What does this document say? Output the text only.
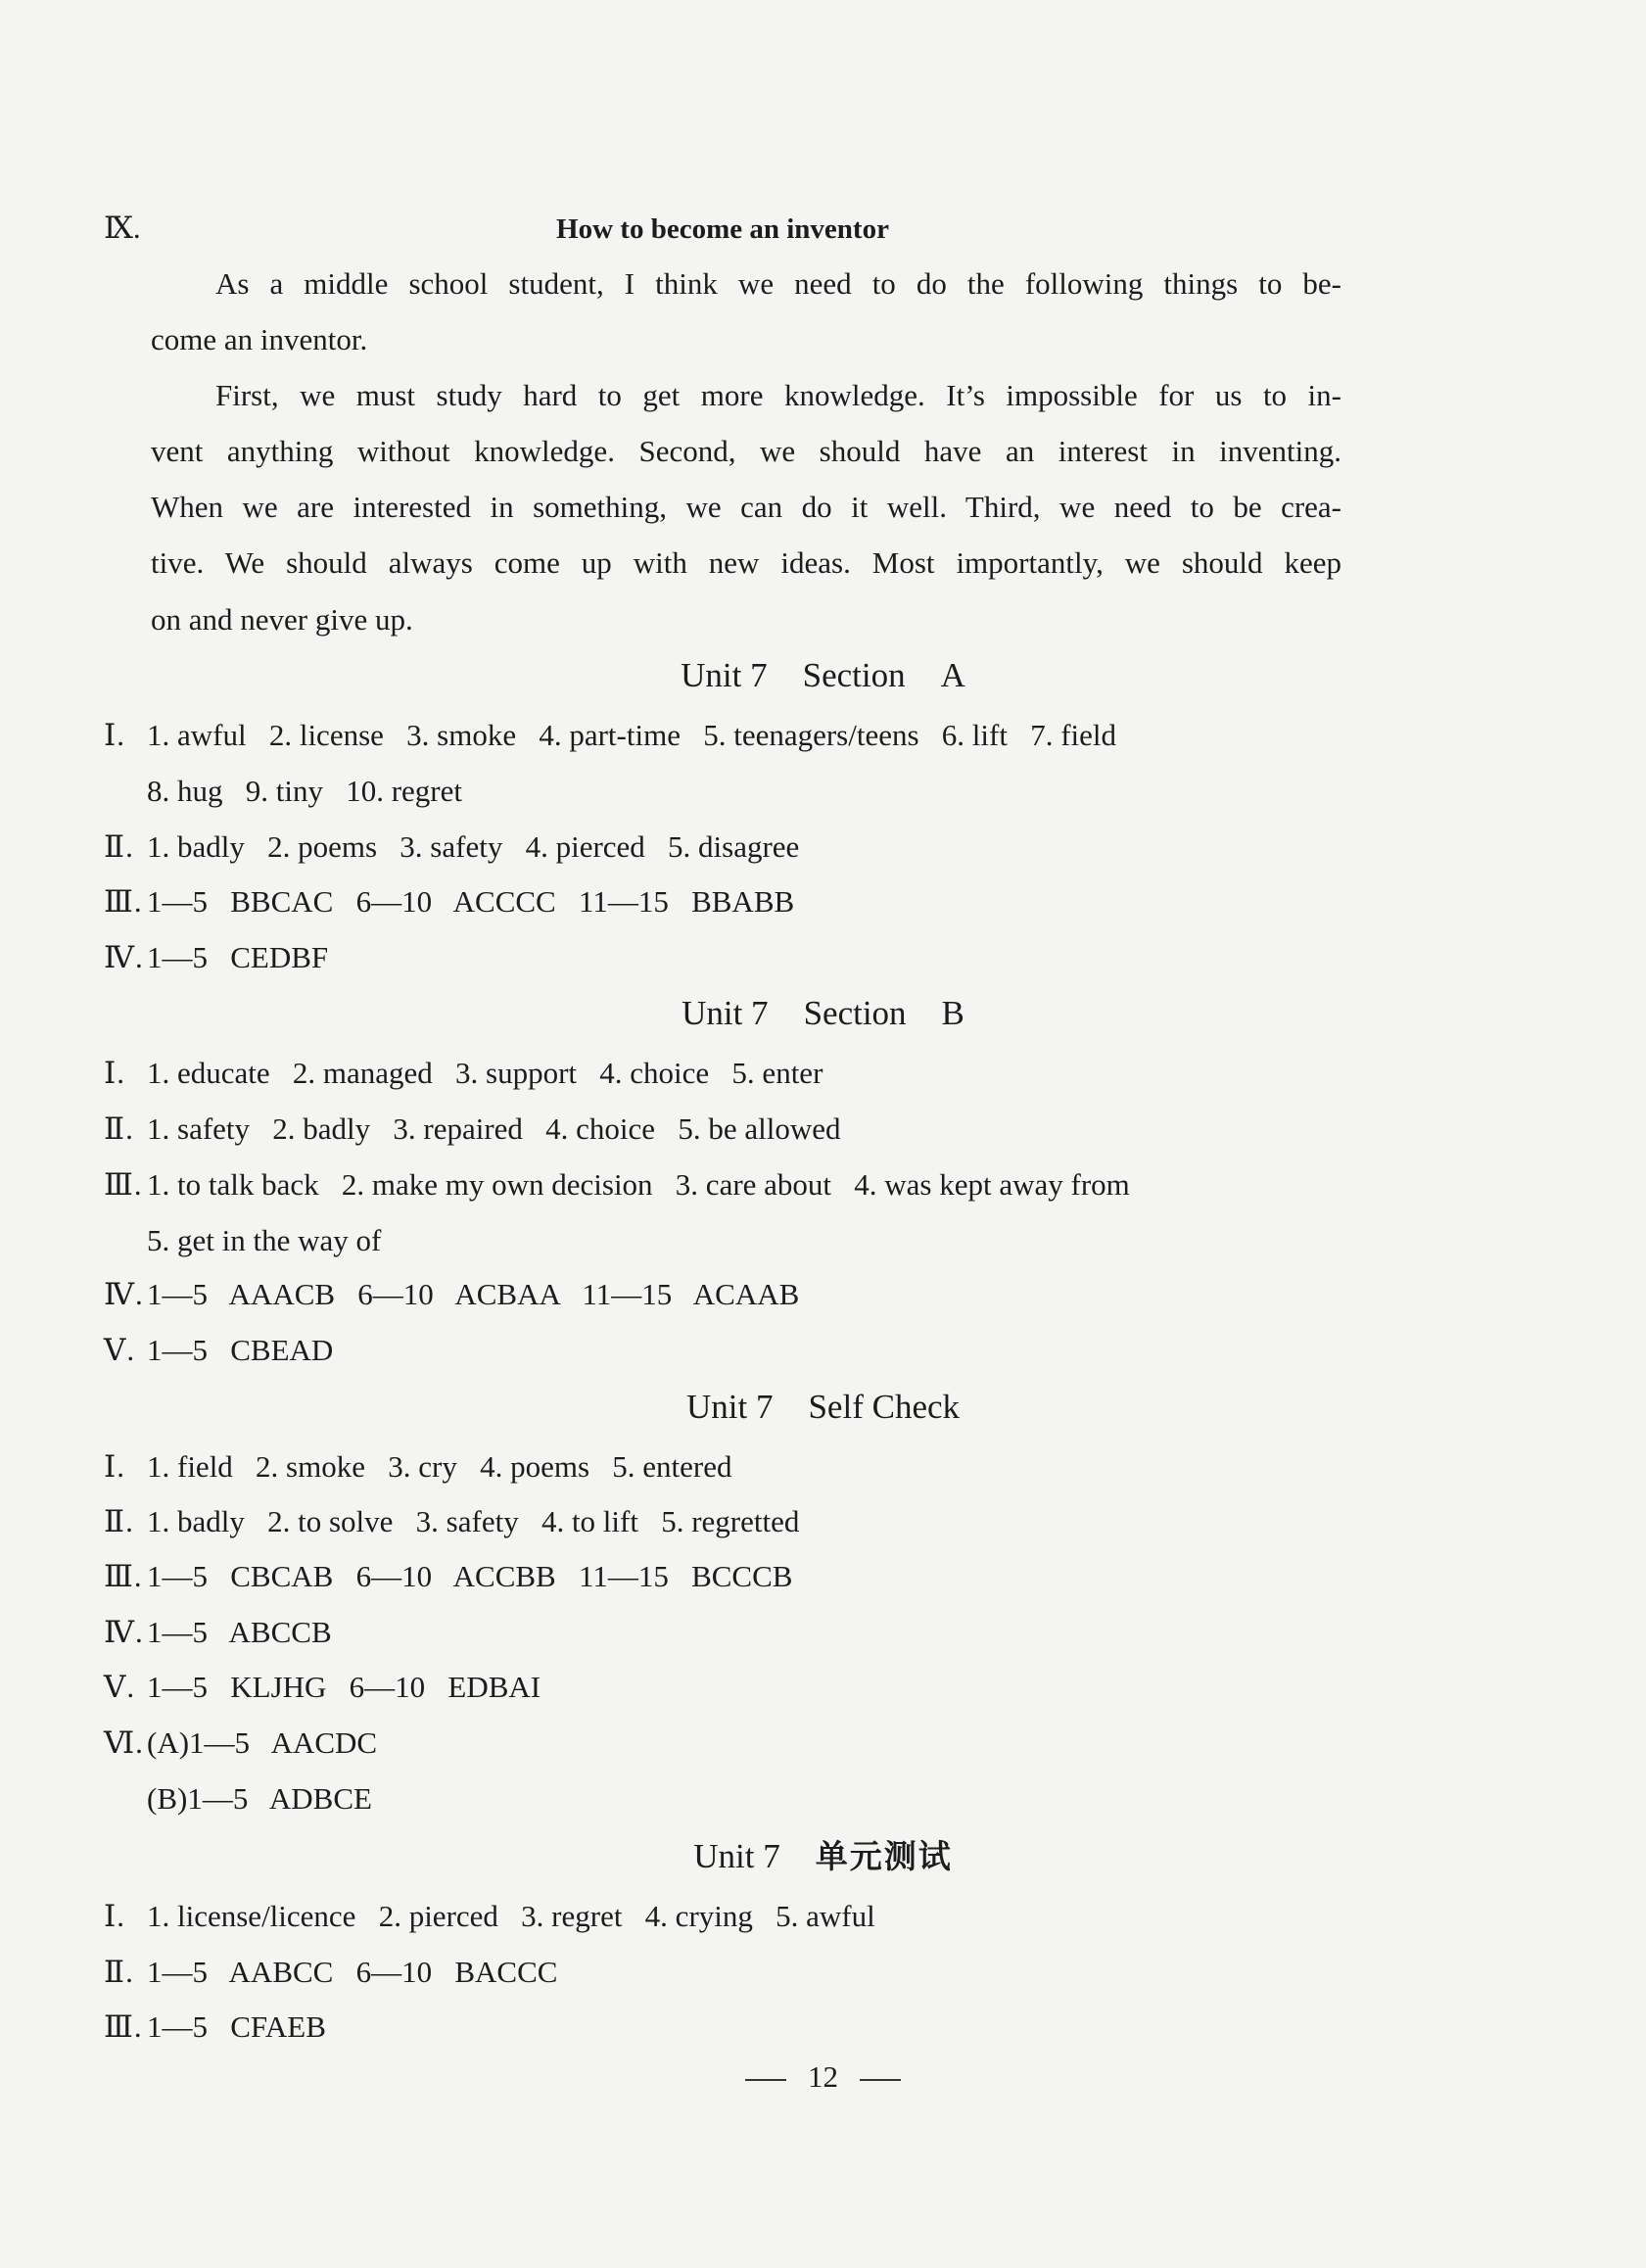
Ⅸ.	How to become an inventor
As a middle school student, I think we need to do the following things to be-
come an inventor.
First, we must study hard to get more knowledge. It’s impossible for us to in-
vent anything without knowledge. Second, we should have an interest in inventing.
When we are interested in something, we can do it well. Third, we need to be crea-
tive. We should always come up with new ideas. Most importantly, we should keep
on and never give up.
Unit 7 Section A
Ⅰ. 1. awful   2. license   3. smoke   4. part-time   5. teenagers/teens   6. lift   7. field
8. hug   9. tiny   10. regret
Ⅱ. 1. badly   2. poems   3. safety   4. pierced   5. disagree
Ⅲ. 1—5   BBCAC   6—10   ACCCC   11—15   BBABB
Ⅳ. 1—5   CEDBF
Unit 7 Section B
Ⅰ. 1. educate   2. managed   3. support   4. choice   5. enter
Ⅱ. 1. safety   2. badly   3. repaired   4. choice   5. be allowed
Ⅲ. 1. to talk back   2. make my own decision   3. care about   4. was kept away from
5. get in the way of
Ⅳ. 1—5   AAACB   6—10   ACBAA   11—15   ACAAB
Ⅴ. 1—5   CBEAD
Unit 7 Self Check
Ⅰ. 1. field   2. smoke   3. cry   4. poems   5. entered
Ⅱ. 1. badly   2. to solve   3. safety   4. to lift   5. regretted
Ⅲ. 1—5   CBCAB   6—10   ACCBB   11—15   BCCCB
Ⅳ. 1—5   ABCCB
Ⅴ. 1—5   KLJHG   6—10   EDBAI
Ⅵ.(A)1—5   AACDC
(B)1—5   ADBCE
Unit 7 单元测试
Ⅰ. 1. license/licence   2. pierced   3. regret   4. crying   5. awful
Ⅱ. 1—5   AABCC   6—10   BACCC
Ⅲ. 1—5   CFAEB
12
